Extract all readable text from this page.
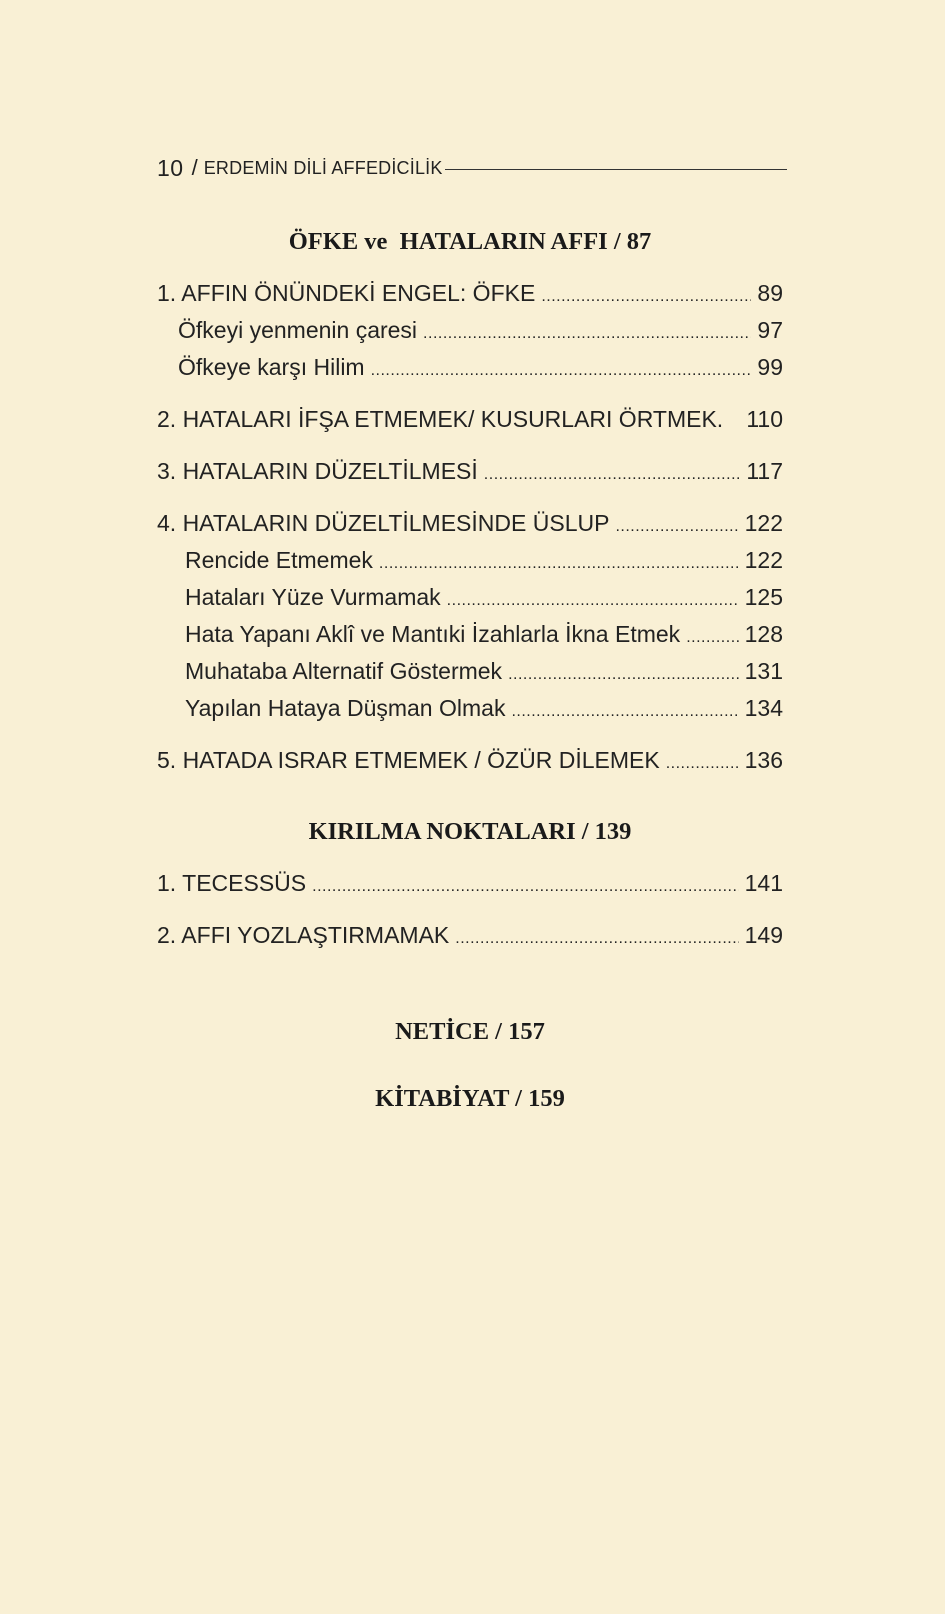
10 / ERDEMİN DİLİ AFFEDİCİLİK
ÖFKE ve  HATALARIN AFFI / 87
1. AFFIN ÖNÜNDEKİ ENGEL: ÖFKE .....	89
Öfkeyi yenmenin çaresi .....	97
Öfkeye karşı Hilim .....	99
2. HATALARI İFŞA ETMEMEK/ KUSURLARI ÖRTMEK.	110
3. HATALARIN DÜZELTİLMESİ .....	117
4. HATALARIN DÜZELTİLMESİNDE ÜSLUP .....	122
Rencide Etmemek .....	122
Hataları Yüze Vurmamak .....	125
Hata Yapanı Aklî ve Mantıki İzahlarla İkna Etmek .....	128
Muhataba Alternatif Göstermek .....	131
Yapılan Hataya Düşman Olmak .....	134
5. HATADA ISRAR ETMEMEK / ÖZÜR DİLEMEK .....	136
KIRILMA NOKTALARI / 139
1. TECESSÜS .....	141
2. AFFI YOZLAŞTIRMAMAK .....	149
NETİCE / 157
KİTABİYAT / 159
